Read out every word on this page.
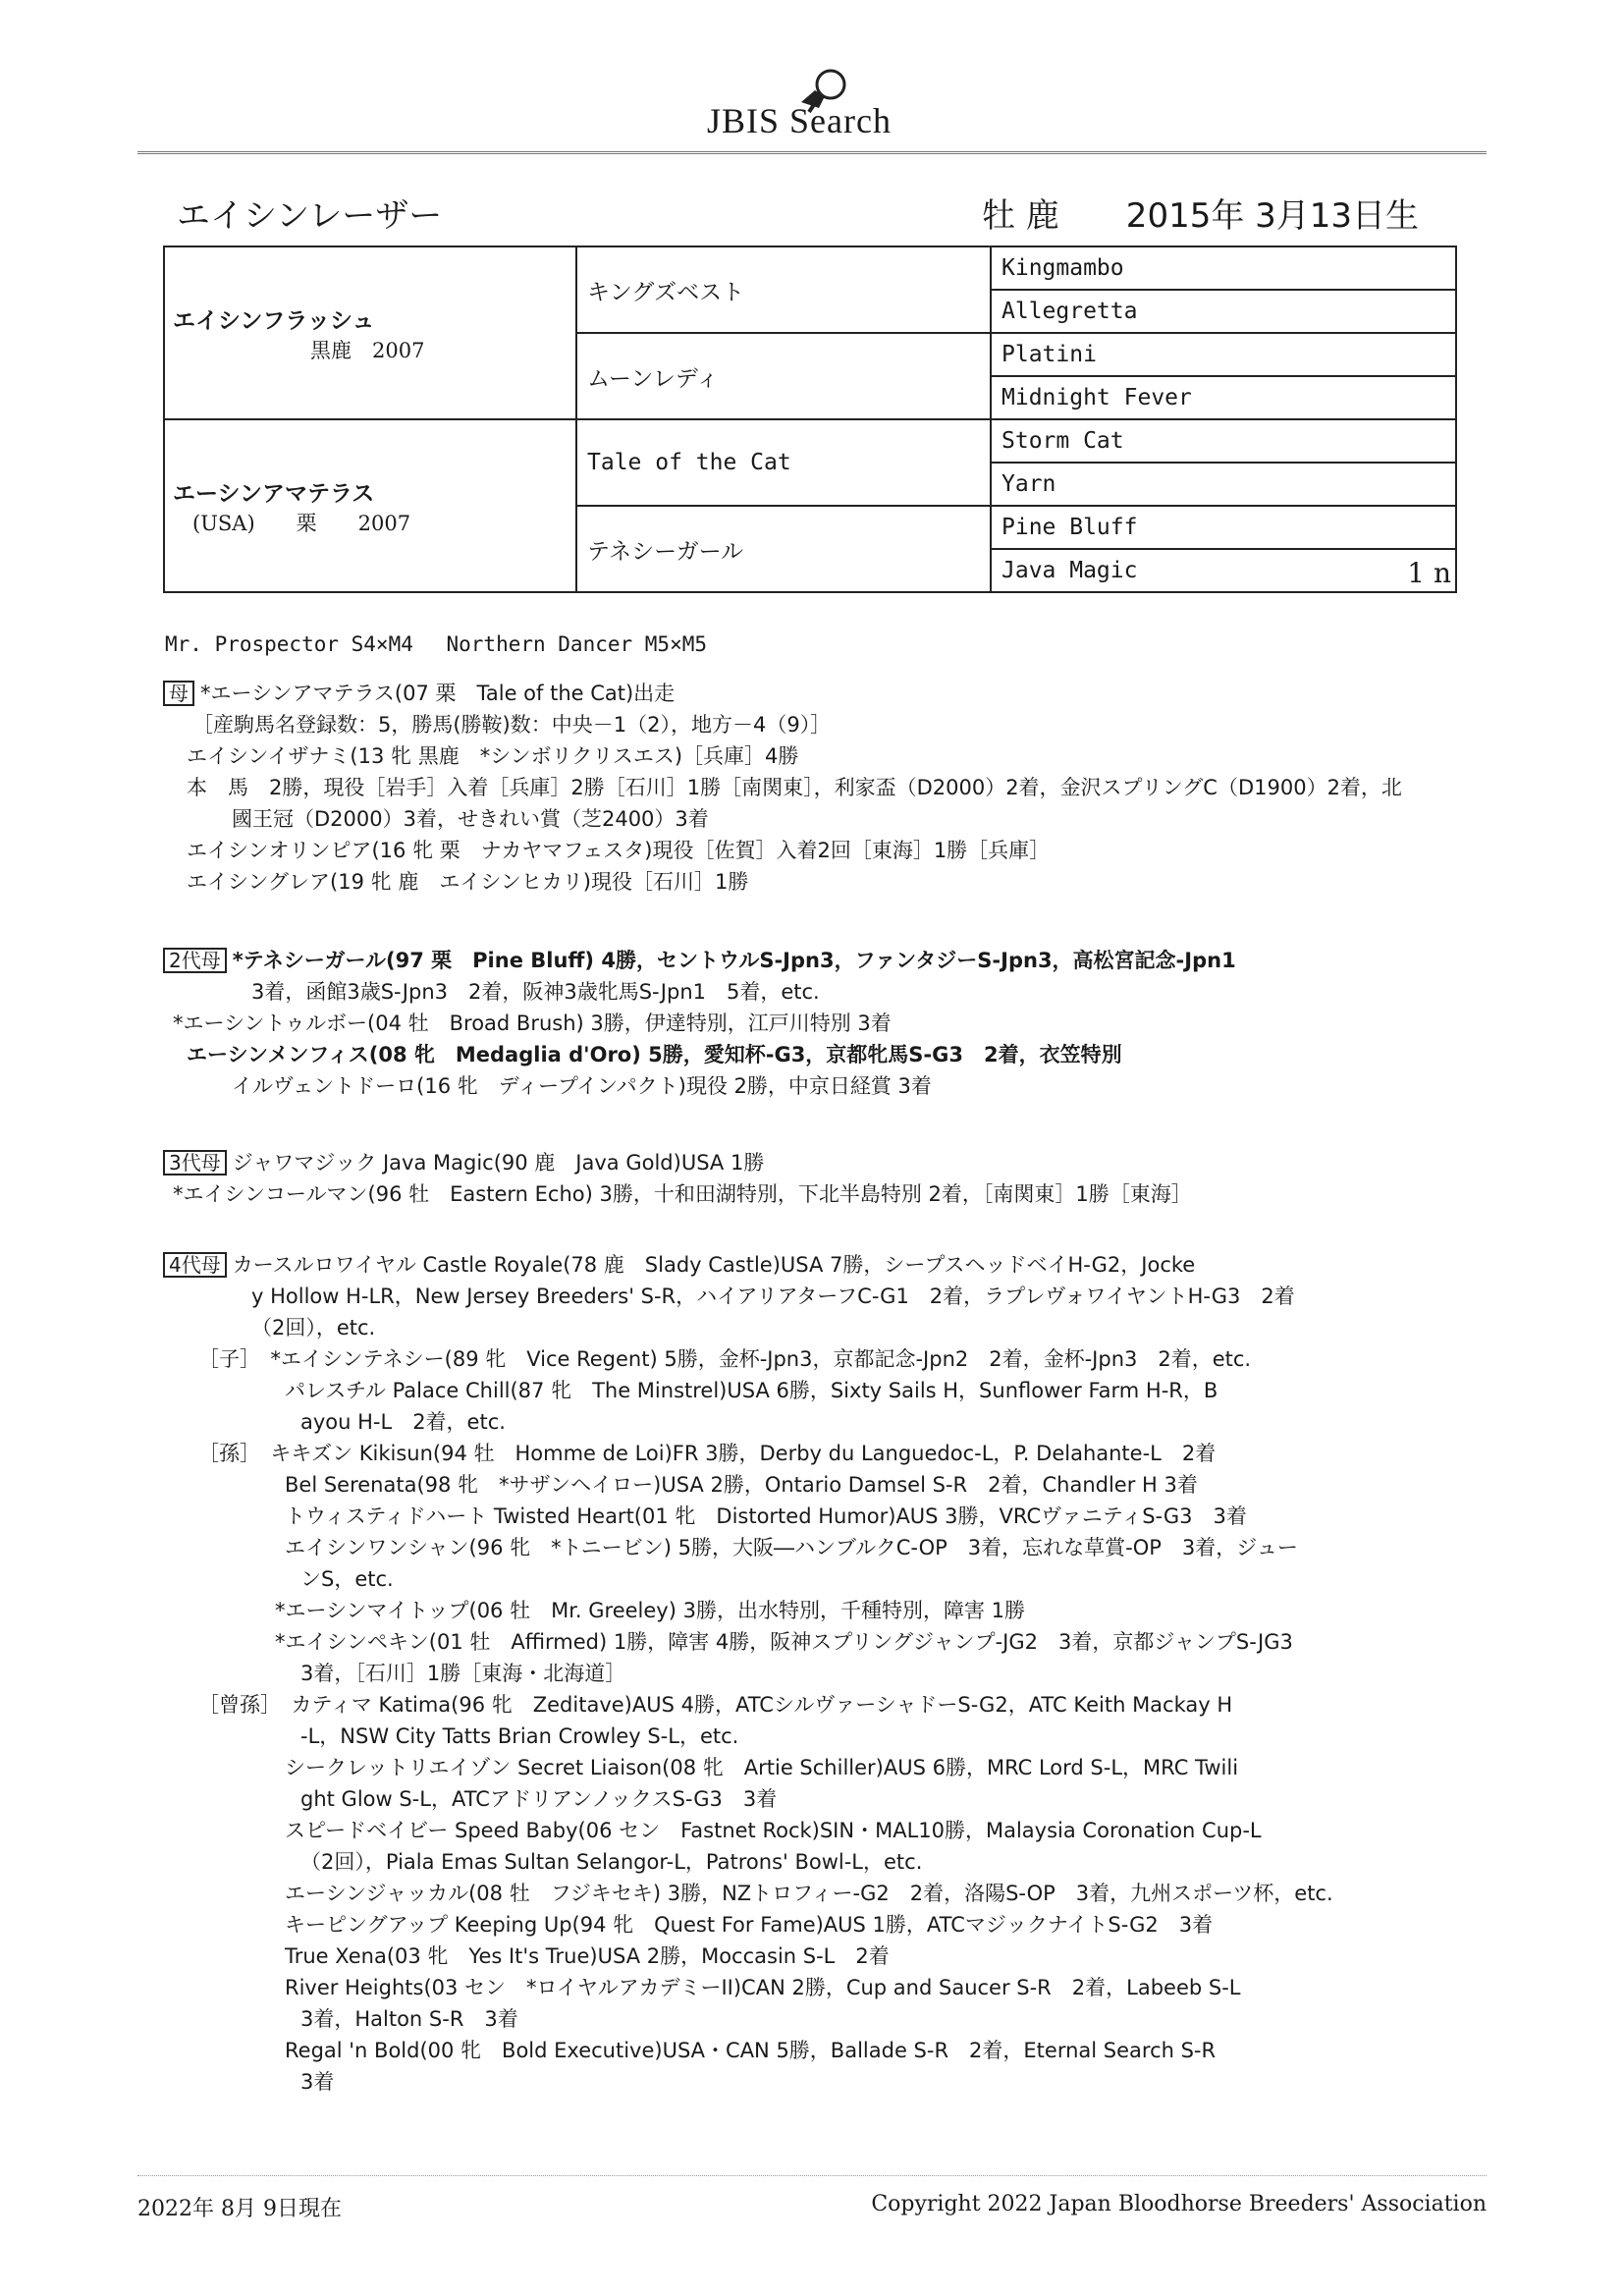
JBIS Search
エイシンレーザー	牡 鹿　　2015年 3月13日生
エイシンフラッシュ
黒鹿　2007	キングズベスト	Kingmambo
		Allegretta
	ムーンレディ	Platini
		Midnight Fever

エーシンアマテラス
(USA)　　栗　　2007	Tale of the Cat	Storm Cat
		Yarn
	テネシーガール	Pine Bluff
		Java Magic 1 n
Mr. Prospector S4×M4　 Northern Dancer M5×M5
母 *エーシンアマテラス(07 栗　Tale of the Cat)出走
［産駒馬名登録数：5，勝馬(勝鞍)数：中央－1（2），地方－4（9）］
エイシンイザナミ(13 牝 黒鹿　*シンボリクリスエス)［兵庫］4勝
本　馬　2勝，現役［岩手］入着［兵庫］2勝［石川］1勝［南関東］，利家盃（D2000）2着，金沢スプリングC（D1900）2着，北
國王冠（D2000）3着，せきれい賞（芝2400）3着
エイシンオリンピア(16 牝 栗　ナカヤマフェスタ)現役［佐賀］入着2回［東海］1勝［兵庫］
エイシングレア(19 牝 鹿　エイシンヒカリ)現役［石川］1勝
2代母 *テネシーガール(97 栗　Pine Bluff) 4勝，セントウルS-Jpn3，ファンタジーS-Jpn3，高松宮記念-Jpn1
3着，函館3歳S-Jpn3　2着，阪神3歳牝馬S-Jpn1　5着，etc.
*エーシントゥルボー(04 牡　Broad Brush) 3勝，伊達特別，江戸川特別 3着
エーシンメンフィス(08 牝　Medaglia d'Oro) 5勝，愛知杯-G3，京都牝馬S-G3　2着，衣笠特別
イルヴェントドーロ(16 牝　ディープインパクト)現役 2勝，中京日経賞 3着
3代母 ジャワマジック Java Magic(90 鹿　Java Gold)USA 1勝
*エイシンコールマン(96 牡　Eastern Echo) 3勝，十和田湖特別，下北半島特別 2着，［南関東］1勝［東海］
4代母 カースルロワイヤル Castle Royale(78 鹿　Slady Castle)USA 7勝，シープスヘッドベイH-G2，Jocke
y Hollow H-LR，New Jersey Breeders' S-R，ハイアリアターフC-G1　2着，ラプレヴォワイヤントH-G3　2着
（2回），etc.
［子］　*エイシンテネシー(89 牝　Vice Regent) 5勝，金杯-Jpn3，京都記念-Jpn2　2着，金杯-Jpn3　2着，etc.
パレスチル Palace Chill(87 牝　The Minstrel)USA 6勝，Sixty Sails H，Sunflower Farm H-R，B
ayou H-L　2着，etc.
［孫］　キキズン Kikisun(94 牡　Homme de Loi)FR 3勝，Derby du Languedoc-L，P. Delahante-L　2着
Bel Serenata(98 牝　*サザンヘイロー)USA 2勝，Ontario Damsel S-R　2着，Chandler H 3着
トウィスティドハート Twisted Heart(01 牝　Distorted Humor)AUS 3勝，VRCヴァニティS-G3　3着
エイシンワンシャン(96 牝　*トニービン) 5勝，大阪―ハンブルクC-OP　3着，忘れな草賞-OP　3着，ジュー
ンS，etc.
*エーシンマイトップ(06 牡　Mr. Greeley) 3勝，出水特別，千種特別，障害 1勝
*エイシンペキン(01 牡　Affirmed) 1勝，障害 4勝，阪神スプリングジャンプ-JG2　3着，京都ジャンプS-JG3
3着，［石川］1勝［東海・北海道］
［曾孫］　カティマ Katima(96 牝　Zeditave)AUS 4勝，ATCシルヴァーシャドーS-G2，ATC Keith Mackay H
-L，NSW City Tatts Brian Crowley S-L，etc.
シークレットリエイゾン Secret Liaison(08 牝　Artie Schiller)AUS 6勝，MRC Lord S-L，MRC Twili
ght Glow S-L，ATCアドリアンノックスS-G3　3着
スピードベイビー Speed Baby(06 セン　Fastnet Rock)SIN・MAL10勝，Malaysia Coronation Cup-L
（2回），Piala Emas Sultan Selangor-L，Patrons' Bowl-L，etc.
エーシンジャッカル(08 牡　フジキセキ) 3勝，NZトロフィー-G2　2着，洛陽S-OP　3着，九州スポーツ杯，etc.
キーピングアップ Keeping Up(94 牝　Quest For Fame)AUS 1勝，ATCマジックナイトS-G2　3着
True Xena(03 牝　Yes It's True)USA 2勝，Moccasin S-L　2着
River Heights(03 セン　*ロイヤルアカデミーII)CAN 2勝，Cup and Saucer S-R　2着，Labeeb S-L
3着，Halton S-R　3着
Regal 'n Bold(00 牝　Bold Executive)USA・CAN 5勝，Ballade S-R　2着，Eternal Search S-R
3着
2022年 8月 9日現在	Copyright 2022 Japan Bloodhorse Breeders' Association
